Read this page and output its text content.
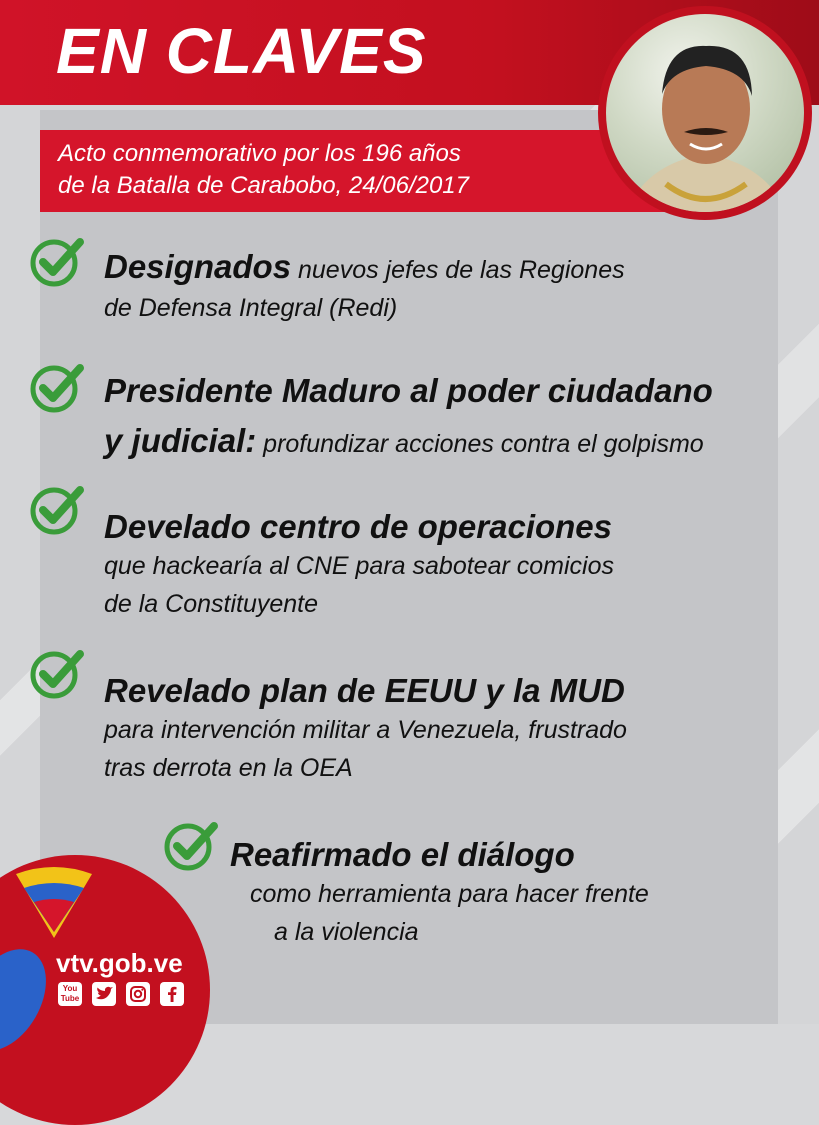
EN CLAVES
Acto conmemorativo por los 196 años
de la Batalla de Carabobo, 24/06/2017
Designados nuevos jefes de las Regiones
de Defensa Integral (Redi)
Presidente Maduro al poder ciudadano
y judicial: profundizar acciones contra el golpismo
Develado centro de operaciones
que hackearía al CNE para sabotear comicios
de la Constituyente
Revelado plan de EEUU y la MUD
para intervención militar a Venezuela, frustrado
tras derrota en la OEA
Reafirmado el diálogo
como herramienta para hacer frente
a la violencia
vtv.gob.ve
You Tube
